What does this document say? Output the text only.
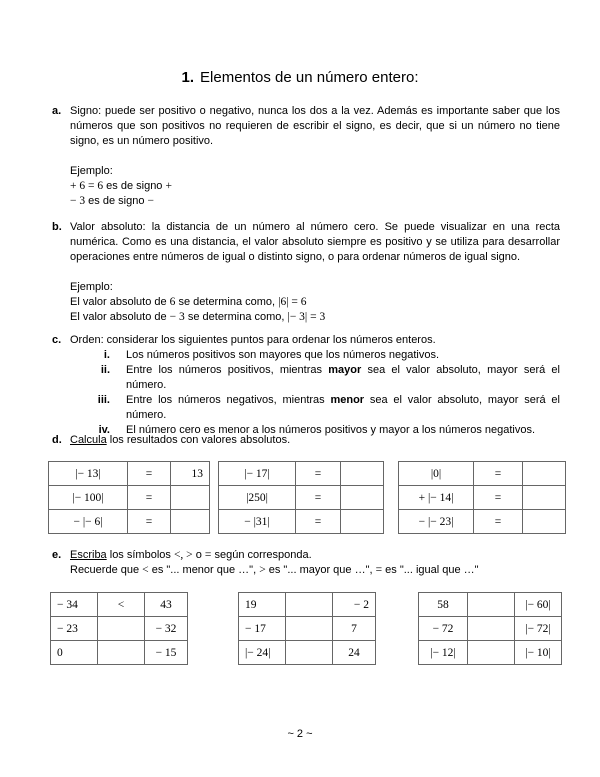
1. Elementos de un número entero:
a. Signo: puede ser positivo o negativo, nunca los dos a la vez. Además es importante saber que los números que son positivos no requieren de escribir el signo, es decir, que si un número no tiene signo, es un número positivo.
Ejemplo:
+ 6 = 6 es de signo +
− 3 es de signo −
b. Valor absoluto: la distancia de un número al número cero. Se puede visualizar en una recta numérica. Como es una distancia, el valor absoluto siempre es positivo y se utiliza para desarrollar operaciones entre números de igual o distinto signo, o para ordenar números de igual signo.
Ejemplo:
El valor absoluto de 6 se determina como, |6| = 6
El valor absoluto de − 3 se determina como, |− 3| = 3
c. Orden: considerar los siguientes puntos para ordenar los números enteros.
i. Los números positivos son mayores que los números negativos.
ii. Entre los números positivos, mientras mayor sea el valor absoluto, mayor será el número.
iii. Entre los números negativos, mientras menor sea el valor absoluto, mayor será el número.
iv. El número cero es menor a los números positivos y mayor a los números negativos.
d. Calcula los resultados con valores absolutos.
|− 13|	=	13
|− 100|	=	
− |− 6|	=	
|− 17|	=	
|250|	=	
− |31|	=	
|0|	=	
+ |− 14|	=	
− |− 23|	=	
e. Escriba los símbolos <, > o = según corresponda.
Recuerde que < es "... menor que …", > es "... mayor que …", = es "... igual que …"
− 34	<	43
− 23		− 32
0		− 15
19		− 2
− 17		7
|− 24|		24
58		|− 60|
− 72		|− 72|
|− 12|		|− 10|
~ 2 ~
